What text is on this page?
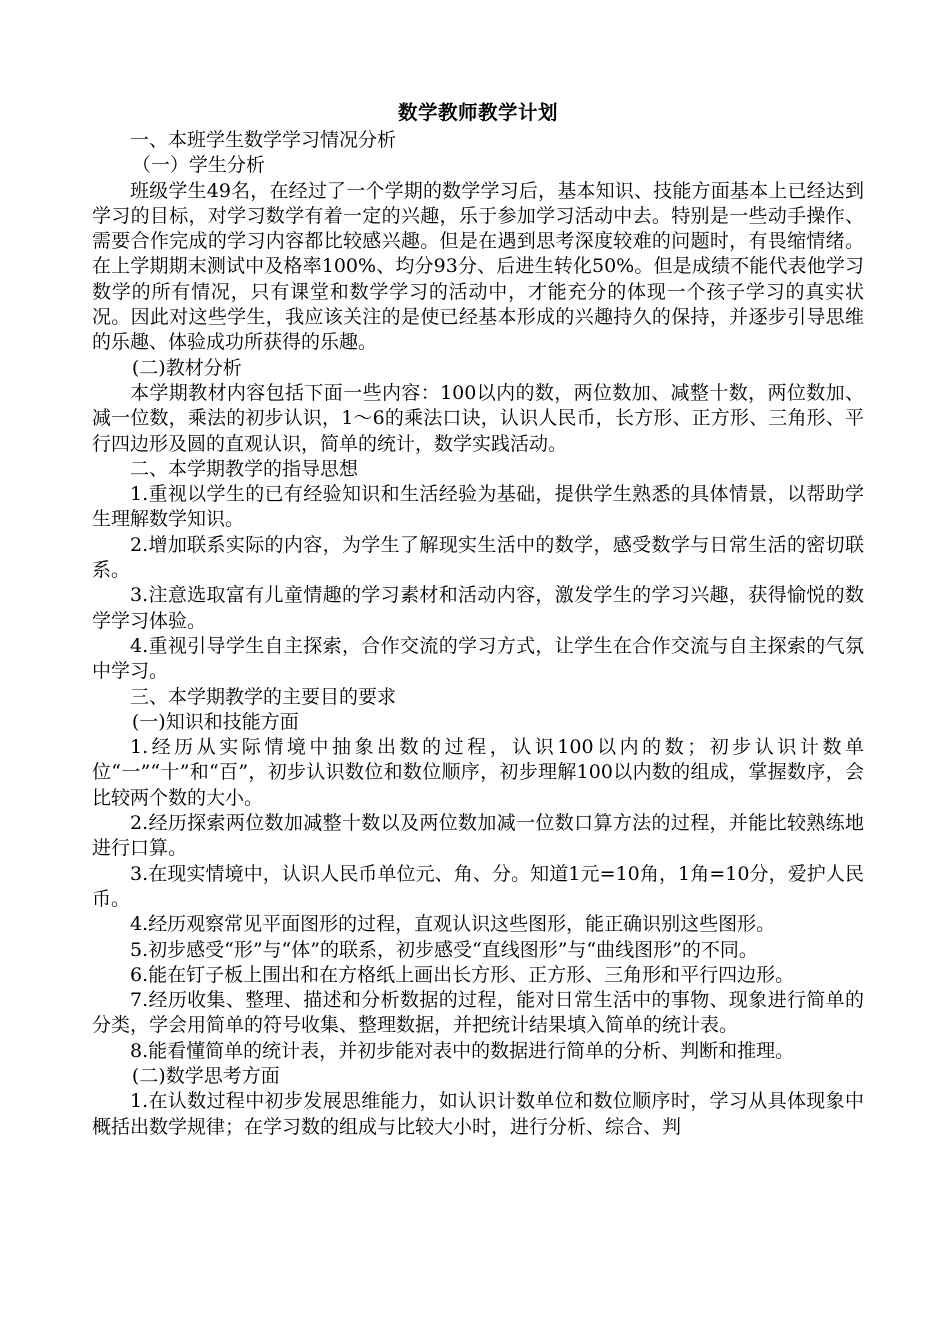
数学教师教学计划

一、本班学生数学学习情况分析

（一）学生分析

班级学生49名，在经过了一个学期的数学学习后，基本知识、技能方面基本上已经达到学习的目标，对学习数学有着一定的兴趣，乐于参加学习活动中去。特别是一些动手操作、需要合作完成的学习内容都比较感兴趣。但是在遇到思考深度较难的问题时，有畏缩情绪。在上学期期末测试中及格率100%、均分93分、后进生转化50%。但是成绩不能代表他学习数学的所有情况，只有课堂和数学学习的活动中，才能充分的体现一个孩子学习的真实状况。因此对这些学生，我应该关注的是使已经基本形成的兴趣持久的保持，并逐步引导思维的乐趣、体验成功所获得的乐趣。

(二)教材分析

本学期教材内容包括下面一些内容：100以内的数，两位数加、减整十数，两位数加、减一位数，乘法的初步认识，1～6的乘法口诀，认识人民币，长方形、正方形、三角形、平行四边形及圆的直观认识，简单的统计，数学实践活动。

二、本学期教学的指导思想

1.重视以学生的已有经验知识和生活经验为基础，提供学生熟悉的具体情景，以帮助学生理解数学知识。

2.增加联系实际的内容，为学生了解现实生活中的数学，感受数学与日常生活的密切联系。

3.注意选取富有儿童情趣的学习素材和活动内容，激发学生的学习兴趣，获得愉悦的数学学习体验。

4.重视引导学生自主探索，合作交流的学习方式，让学生在合作交流与自主探索的气氛中学习。

三、本学期教学的主要目的要求

(一)知识和技能方面

1.经历从实际情境中抽象出数的过程，认识100以内的数；初步认识计数单位“一”“十”和“百”，初步认识数位和数位顺序，初步理解100以内数的组成，掌握数序，会比较两个数的大小。

2.经历探索两位数加减整十数以及两位数加减一位数口算方法的过程，并能比较熟练地进行口算。

3.在现实情境中，认识人民币单位元、角、分。知道1元=10角，1角=10分，爱护人民币。

4.经历观察常见平面图形的过程，直观认识这些图形，能正确识别这些图形。

5.初步感受“形”与“体”的联系，初步感受“直线图形”与“曲线图形”的不同。

6.能在钉子板上围出和在方格纸上画出长方形、正方形、三角形和平行四边形。

7.经历收集、整理、描述和分析数据的过程，能对日常生活中的事物、现象进行简单的分类，学会用简单的符号收集、整理数据，并把统计结果填入简单的统计表。

8.能看懂简单的统计表，并初步能对表中的数据进行简单的分析、判断和推理。

(二)数学思考方面

1.在认数过程中初步发展思维能力，如认识计数单位和数位顺序时，学习从具体现象中概括出数学规律；在学习数的组成与比较大小时，进行分析、综合、判
